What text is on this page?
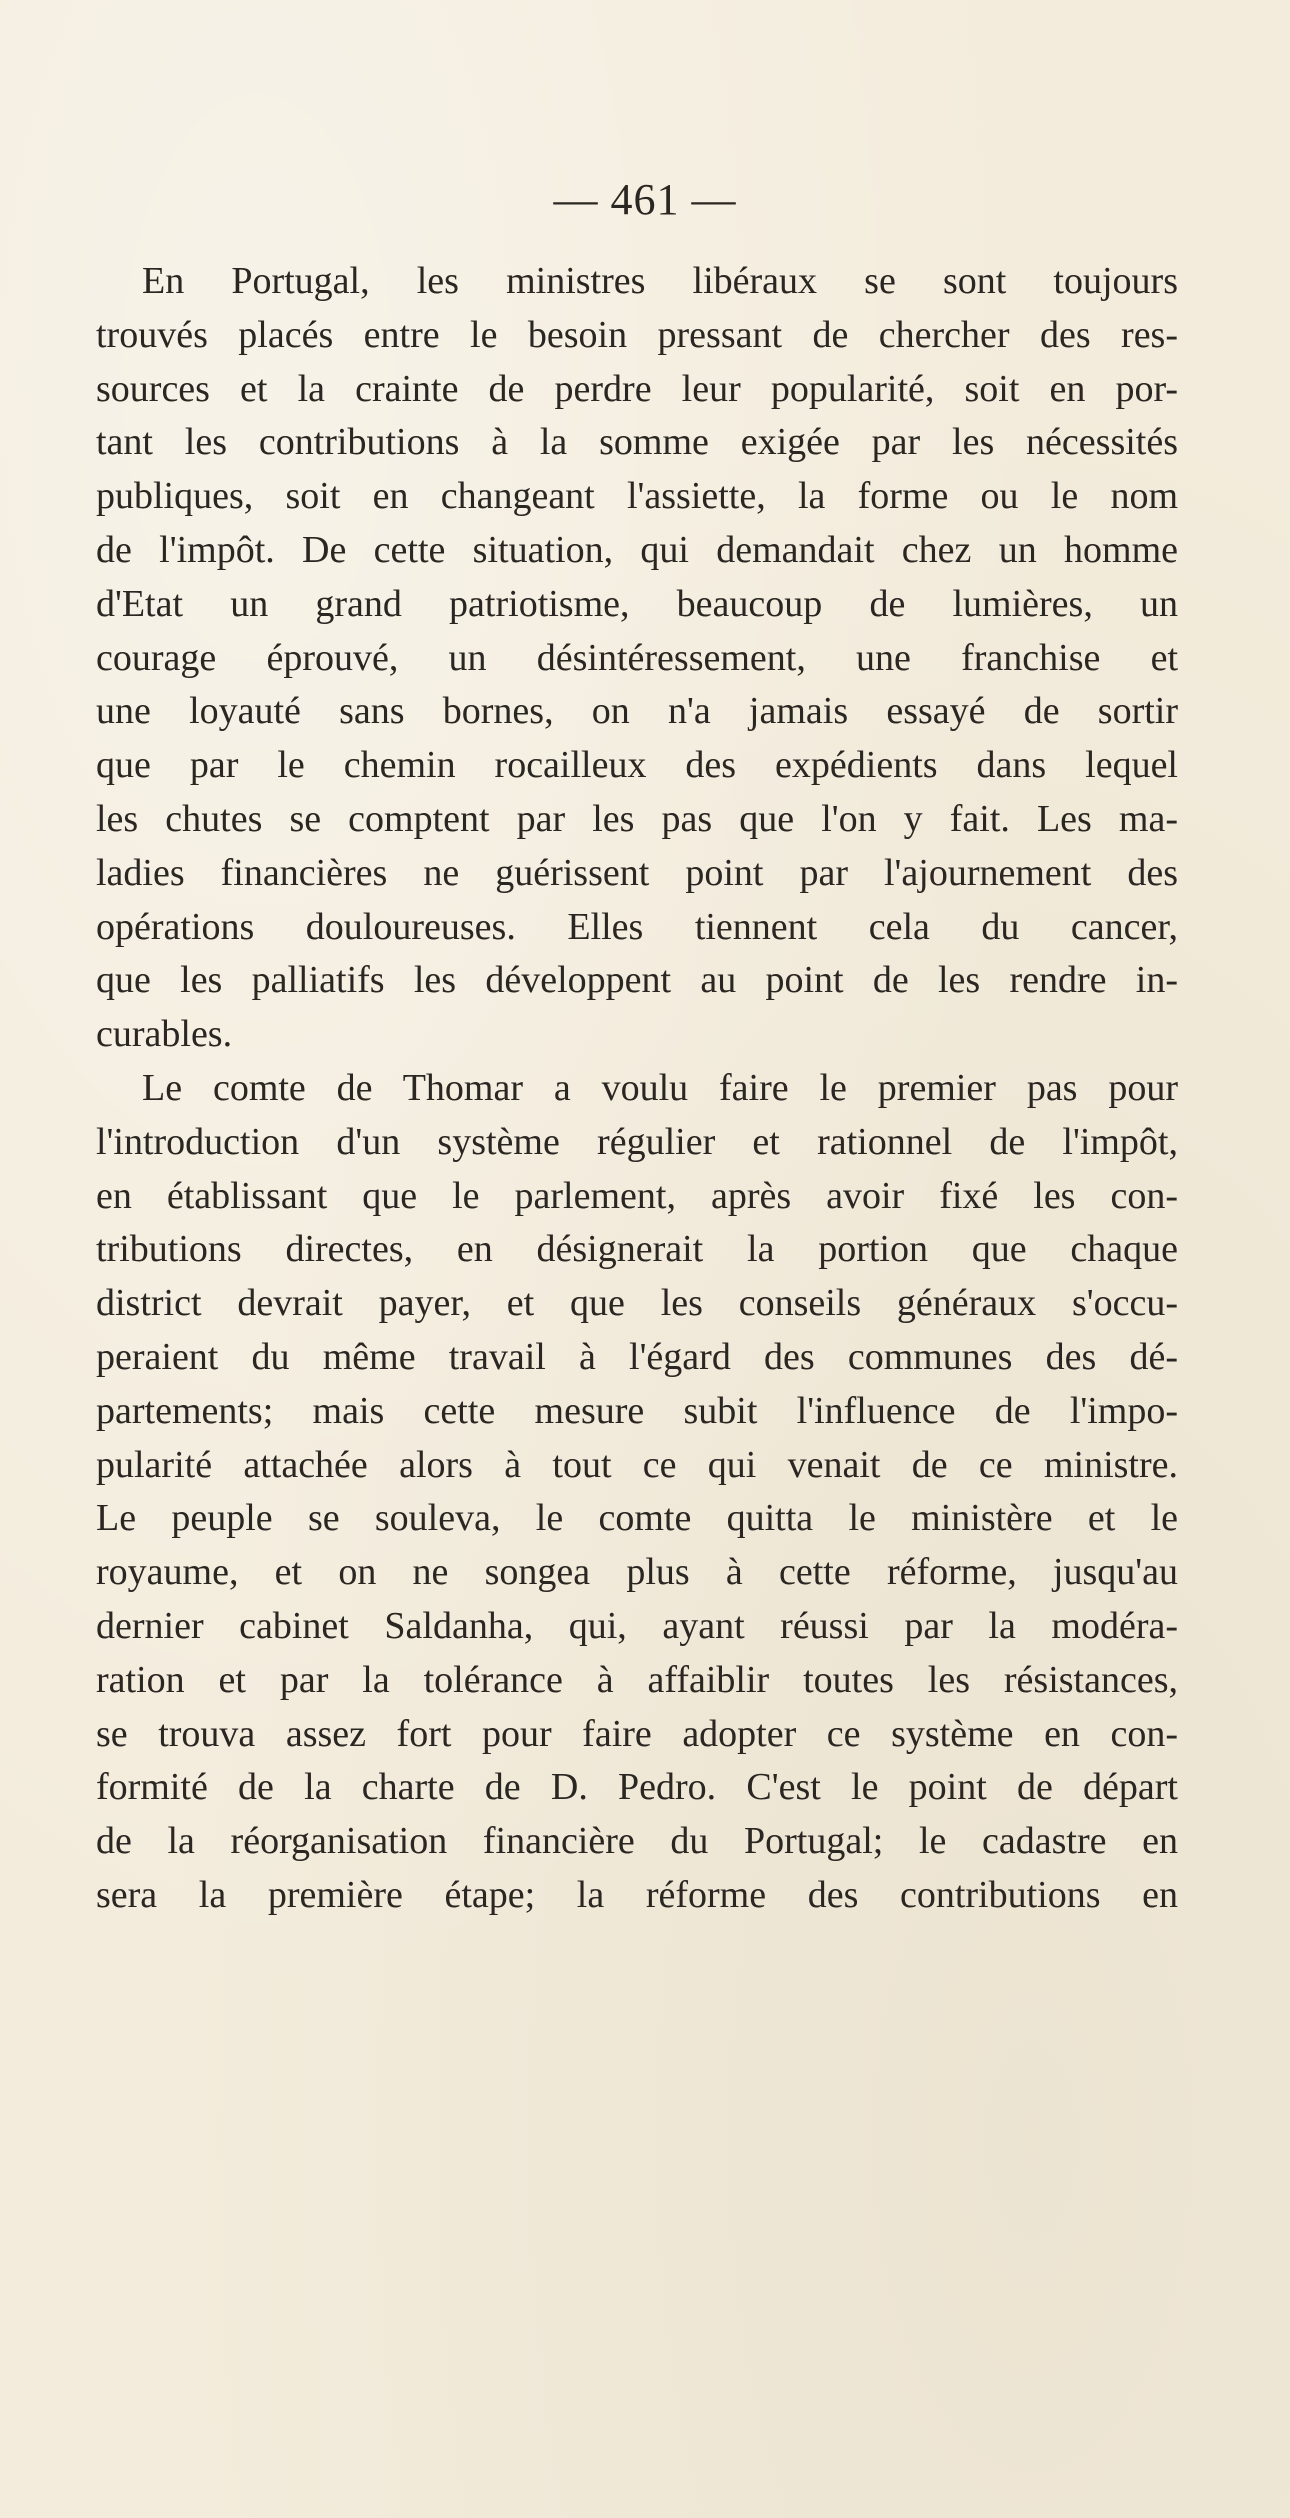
— 461 —
En Portugal, les ministres libéraux se sont toujours
trouvés placés entre le besoin pressant de chercher des res-
sources et la crainte de perdre leur popularité, soit en por-
tant les contributions à la somme exigée par les nécessités
publiques, soit en changeant l'assiette, la forme ou le nom
de l'impôt. De cette situation, qui demandait chez un homme
d'Etat un grand patriotisme, beaucoup de lumières, un
courage éprouvé, un désintéressement, une franchise et
une loyauté sans bornes, on n'a jamais essayé de sortir
que par le chemin rocailleux des expédients dans lequel
les chutes se comptent par les pas que l'on y fait. Les ma-
ladies financières ne guérissent point par l'ajournement des
opérations douloureuses. Elles tiennent cela du cancer,
que les palliatifs les développent au point de les rendre in-
curables.
Le comte de Thomar a voulu faire le premier pas pour
l'introduction d'un système régulier et rationnel de l'impôt,
en établissant que le parlement, après avoir fixé les con-
tributions directes, en désignerait la portion que chaque
district devrait payer, et que les conseils généraux s'occu-
peraient du même travail à l'égard des communes des dé-
partements; mais cette mesure subit l'influence de l'impo-
pularité attachée alors à tout ce qui venait de ce ministre.
Le peuple se souleva, le comte quitta le ministère et le
royaume, et on ne songea plus à cette réforme, jusqu'au
dernier cabinet Saldanha, qui, ayant réussi par la modéra-
ration et par la tolérance à affaiblir toutes les résistances,
se trouva assez fort pour faire adopter ce système en con-
formité de la charte de D. Pedro. C'est le point de départ
de la réorganisation financière du Portugal; le cadastre en
sera la première étape; la réforme des contributions en
